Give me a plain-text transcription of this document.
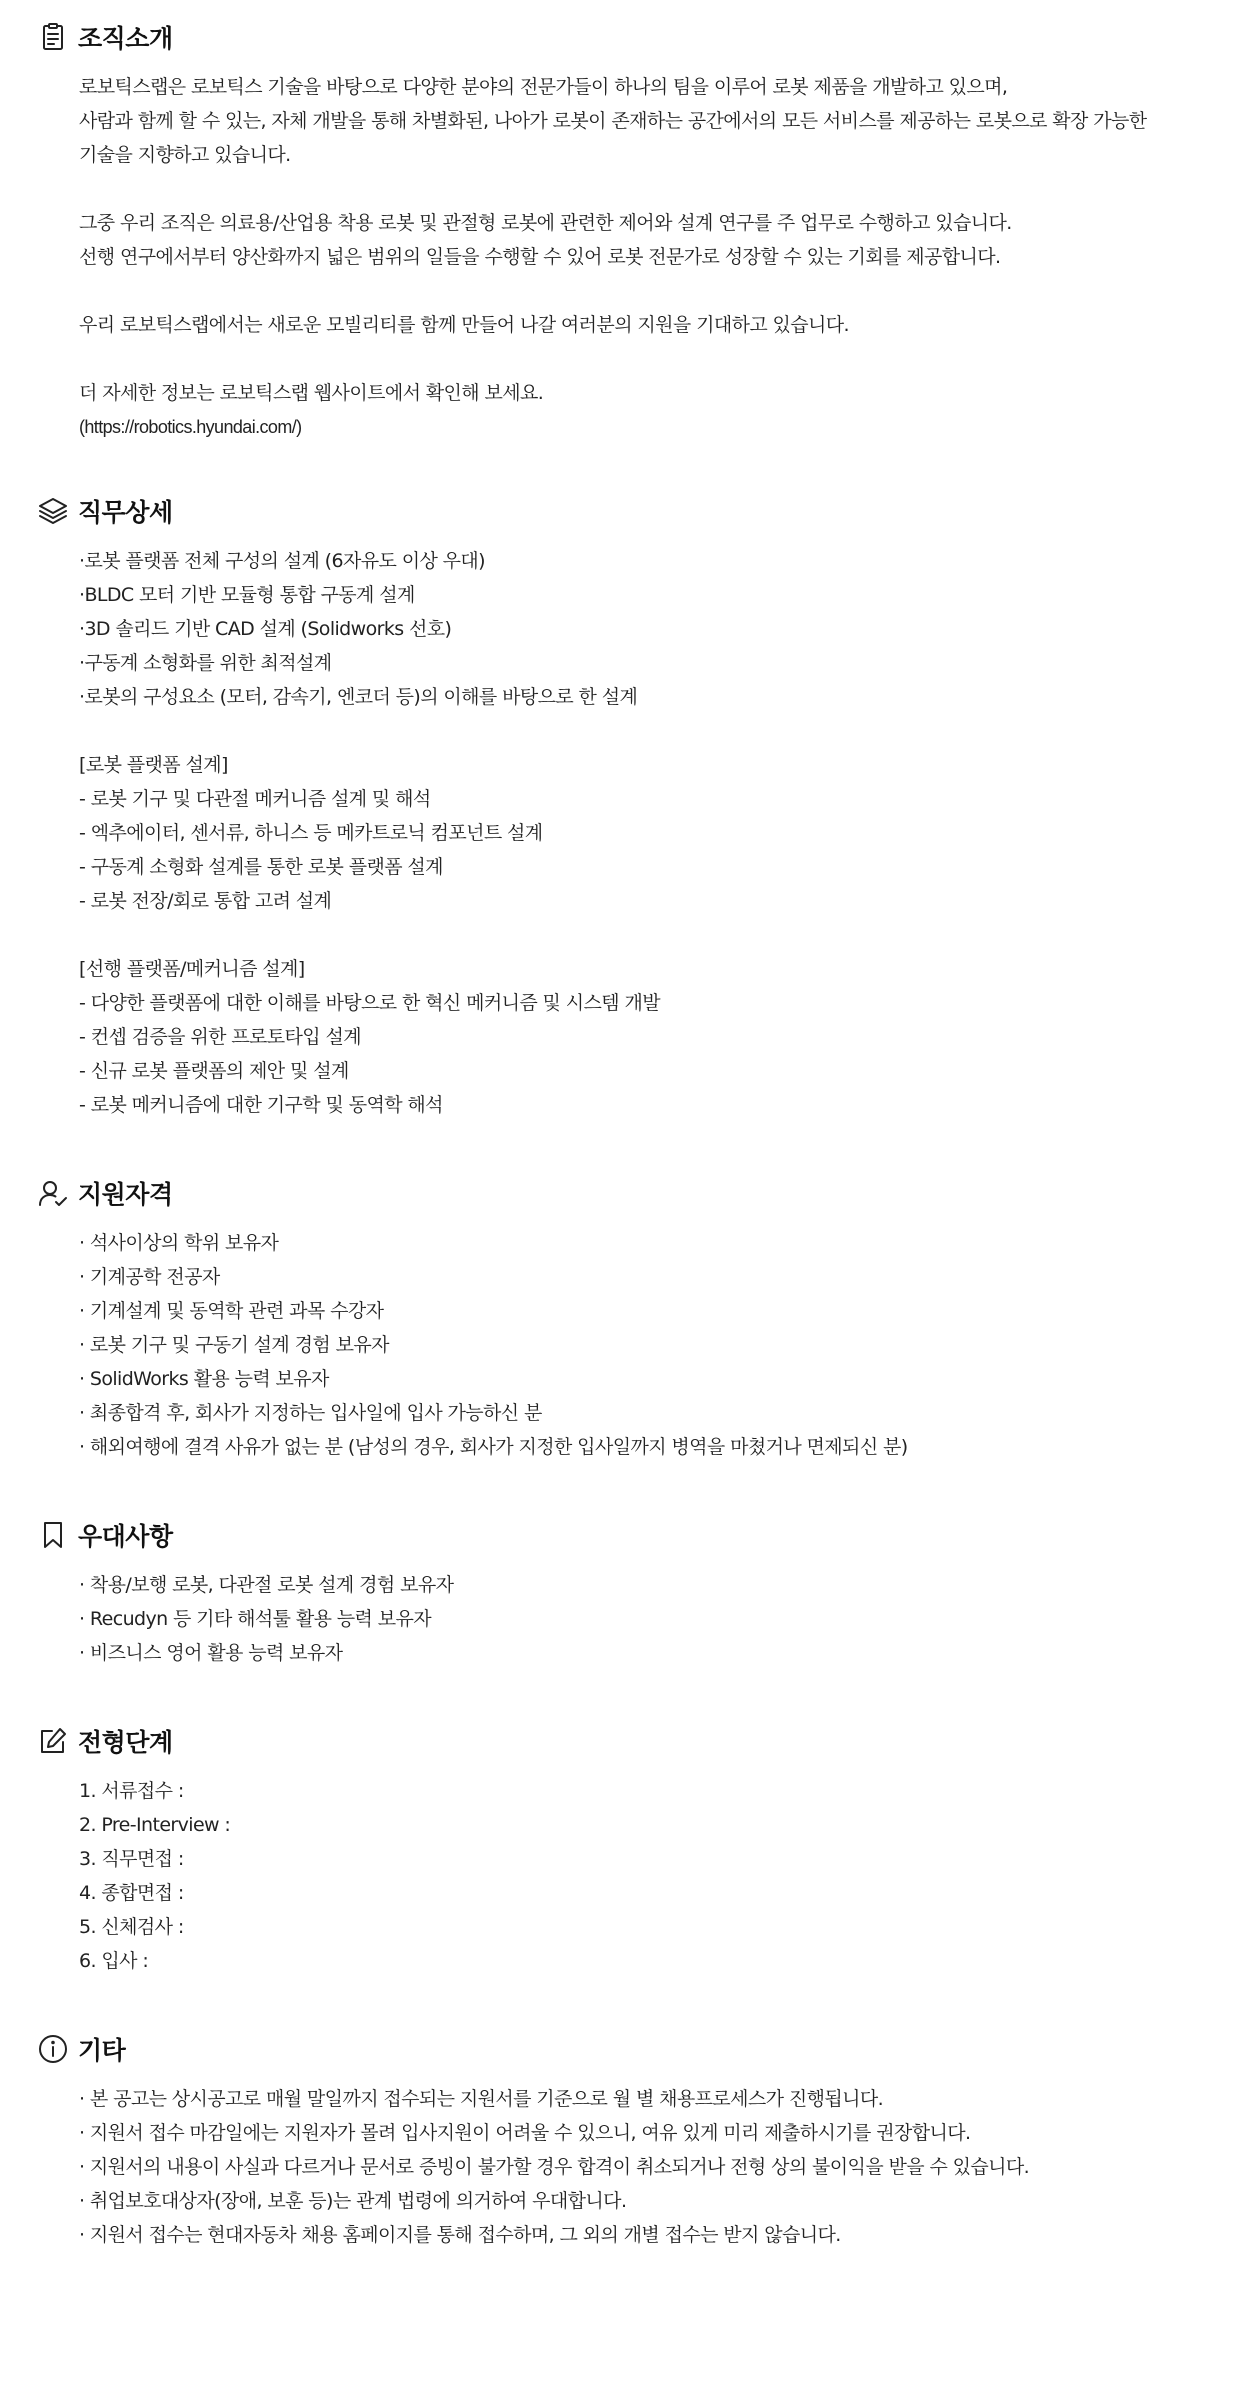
조직소개
로보틱스랩은 로보틱스 기술을 바탕으로 다양한 분야의 전문가들이 하나의 팀을 이루어 로봇 제품을 개발하고 있으며,
사람과 함께 할 수 있는, 자체 개발을 통해 차별화된, 나아가 로봇이 존재하는 공간에서의 모든 서비스를 제공하는 로봇으로 확장 가능한
기술을 지향하고 있습니다.
그중 우리 조직은 의료용/산업용 착용 로봇 및 관절형 로봇에 관련한 제어와 설계 연구를 주 업무로 수행하고 있습니다.
선행 연구에서부터 양산화까지 넓은 범위의 일들을 수행할 수 있어 로봇 전문가로 성장할 수 있는 기회를 제공합니다.
우리 로보틱스랩에서는 새로운 모빌리티를 함께 만들어 나갈 여러분의 지원을 기대하고 있습니다.
더 자세한 정보는 로보틱스랩 웹사이트에서 확인해 보세요.
(https://robotics.hyundai.com/)
직무상세
·로봇 플랫폼 전체 구성의 설계 (6자유도 이상 우대)
·BLDC 모터 기반 모듈형 통합 구동계 설계
·3D 솔리드 기반 CAD 설계 (Solidworks 선호)
·구동계 소형화를 위한 최적설계
·로봇의 구성요소 (모터, 감속기, 엔코더 등)의 이해를 바탕으로 한 설계
[로봇 플랫폼 설계]
- 로봇 기구 및 다관절 메커니즘 설계 및 해석
- 엑추에이터, 센서류, 하니스 등 메카트로닉 컴포넌트 설계
- 구동계 소형화 설계를 통한 로봇 플랫폼 설계
- 로봇 전장/회로 통합 고려 설계
[선행 플랫폼/메커니즘 설계]
- 다양한 플랫폼에 대한 이해를 바탕으로 한 혁신 메커니즘 및 시스템 개발
- 컨셉 검증을 위한 프로토타입 설계
- 신규 로봇 플랫폼의 제안 및 설계
- 로봇 메커니즘에 대한 기구학 및 동역학 해석
지원자격
· 석사이상의 학위 보유자
· 기계공학 전공자
· 기계설계 및 동역학 관련 과목 수강자
· 로봇 기구 및 구동기 설계 경험 보유자
· SolidWorks 활용 능력 보유자
· 최종합격 후, 회사가 지정하는 입사일에 입사 가능하신 분
· 해외여행에 결격 사유가 없는 분 (남성의 경우, 회사가 지정한 입사일까지 병역을 마쳤거나 면제되신 분)
우대사항
· 착용/보행 로봇, 다관절 로봇 설계 경험 보유자
· Recudyn 등 기타 해석툴 활용 능력 보유자
· 비즈니스 영어 활용 능력 보유자
전형단계
1. 서류접수 :
2. Pre-Interview :
3. 직무면접 :
4. 종합면접 :
5. 신체검사 :
6. 입사 :
기타
· 본 공고는 상시공고로 매월 말일까지 접수되는 지원서를 기준으로 월 별 채용프로세스가 진행됩니다.
· 지원서 접수 마감일에는 지원자가 몰려 입사지원이 어려울 수 있으니, 여유 있게 미리 제출하시기를 권장합니다.
· 지원서의 내용이 사실과 다르거나 문서로 증빙이 불가할 경우 합격이 취소되거나 전형 상의 불이익을 받을 수 있습니다.
· 취업보호대상자(장애, 보훈 등)는 관계 법령에 의거하여 우대합니다.
· 지원서 접수는 현대자동차 채용 홈페이지를 통해 접수하며, 그 외의 개별 접수는 받지 않습니다.
